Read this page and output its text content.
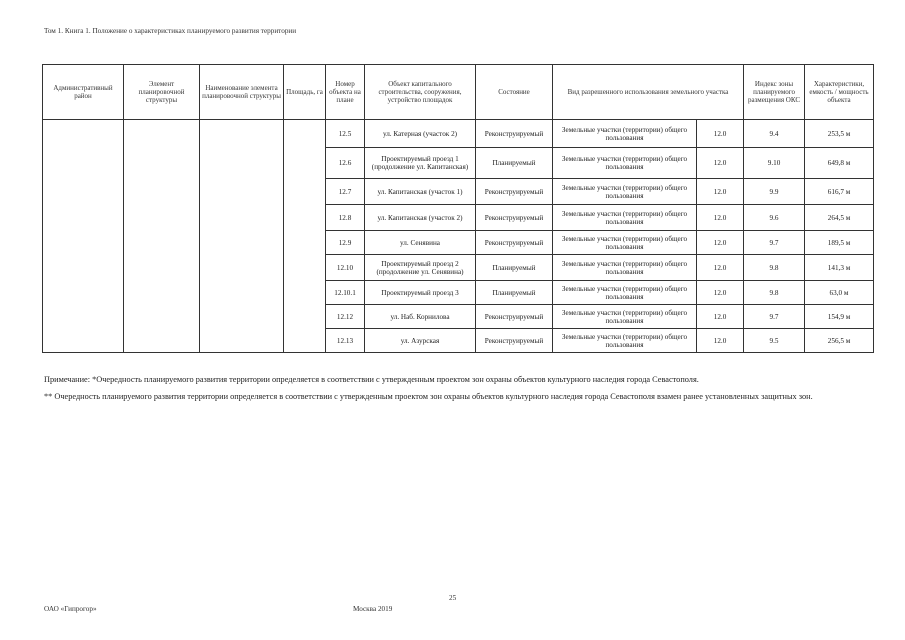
Том 1. Книга 1. Положение о характеристиках планируемого развития территории
Административный район	Элемент планировочной структуры	Наименование элемента планировочной структуры	Площадь, га	Номер объекта на плане	Объект капитального строительства, сооружения, устройство площадок	Состояние	Вид разрешенного использования земельного участка		Индекс зоны планируемого размещения ОКС	Характеристики, емкость / мощность объекта
				12.5	ул. Катерная (участок 2)	Реконструируемый	Земельные участки (территории) общего пользования	12.0	9.4	253,5 м
				12.6	Проектируемый проезд 1 (продолжение ул. Капитанская)	Планируемый	Земельные участки (территории) общего пользования	12.0	9.10	649,8 м
				12.7	ул. Капитанская (участок 1)	Реконструируемый	Земельные участки (территории) общего пользования	12.0	9.9	616,7 м
				12.8	ул. Капитанская (участок 2)	Реконструируемый	Земельные участки (территории) общего пользования	12.0	9.6	264,5 м
				12.9	ул. Сенявина	Реконструируемый	Земельные участки (территории) общего пользования	12.0	9.7	189,5 м
				12.10	Проектируемый проезд 2 (продолжение ул. Сенявина)	Планируемый	Земельные участки (территории) общего пользования	12.0	9.8	141,3 м
				12.10.1	Проектируемый проезд 3	Планируемый	Земельные участки (территории) общего пользования	12.0	9.8	63,0 м
				12.12	ул. Наб. Корнилова	Реконструируемый	Земельные участки (территории) общего пользования	12.0	9.7	154,9 м
				12.13	ул. Азурская	Реконструируемый	Земельные участки (территории) общего пользования	12.0	9.5	256,5 м

Примечание: *Очередность планируемого развития территории определяется в соответствии с утвержденным проектом зон охраны объектов культурного наследия города Севастополя.

** Очередность планируемого развития территории определяется в соответствии с утвержденным проектом зон охраны объектов культурного наследия города Севастополя взамен ранее установленных защитных зон.

25
ОАО «Гипрогор»	Москва 2019
